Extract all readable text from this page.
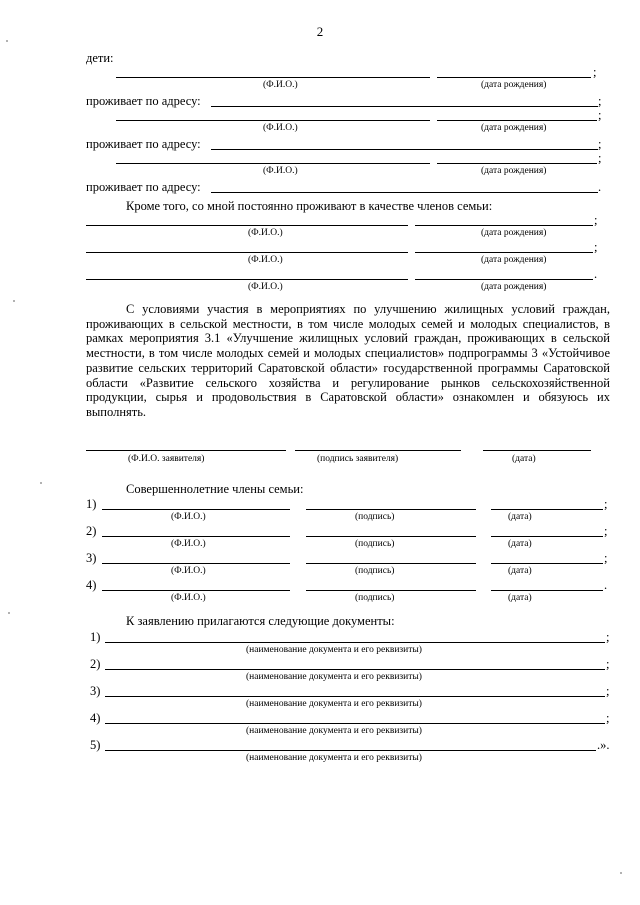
2
дети:
;
(Ф.И.О.)	(дата рождения)
проживает по адресу:	;
;
(Ф.И.О.)	(дата рождения)
проживает по адресу:	;
;
(Ф.И.О.)	(дата рождения)
проживает по адресу:	.
Кроме того, со мной постоянно проживают в качестве членов семьи:
;
(Ф.И.О.)	(дата рождения)
;
(Ф.И.О.)	(дата рождения)
.
(Ф.И.О.)	(дата рождения)

С условиями участия в мероприятиях по улучшению жилищных условий граждан, проживающих в сельской местности, в том числе молодых семей и молодых специалистов, в рамках мероприятия 3.1 «Улучшение жилищных условий граждан, проживающих в сельской местности, в том числе молодых семей и молодых специалистов» подпрограммы 3 «Устойчивое развитие сельских территорий Саратовской области» государственной программы Саратовской области «Развитие сельского хозяйства и регулирование рынков сельскохозяйственной продукции, сырья и продовольствия в Саратовской области» ознакомлен и обязуюсь их выполнять.

(Ф.И.О. заявителя)	(подпись заявителя)	(дата)
Совершеннолетние члены семьи:
1)	;
(Ф.И.О.)	(подпись)	(дата)
2)	;
(Ф.И.О.)	(подпись)	(дата)
3)	;
(Ф.И.О.)	(подпись)	(дата)
4)	.
(Ф.И.О.)	(подпись)	(дата)
К заявлению прилагаются следующие документы:
1)	;
(наименование документа и его реквизиты)
2)	;
(наименование документа и его реквизиты)
3)	;
(наименование документа и его реквизиты)
4)	;
(наименование документа и его реквизиты)
5)	.».
(наименование документа и его реквизиты)
